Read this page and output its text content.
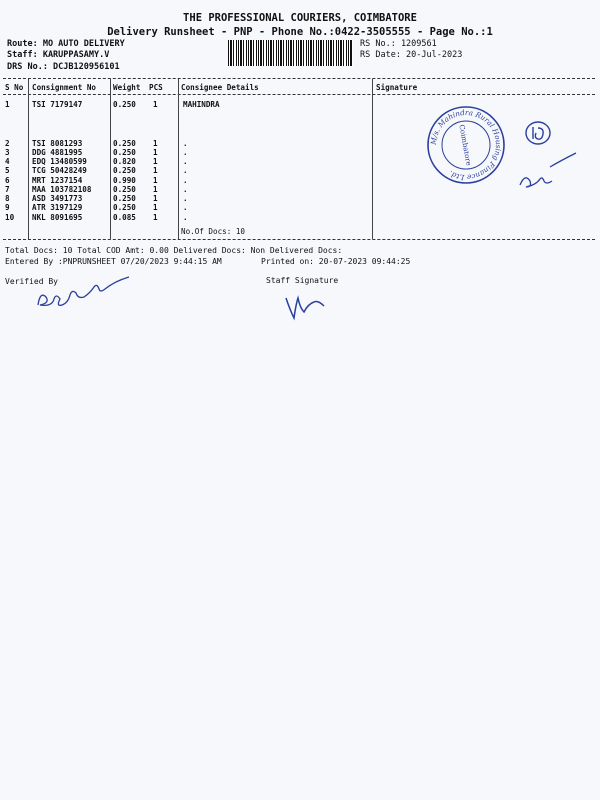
THE PROFESSIONAL COURIERS, COIMBATORE
Delivery Runsheet - PNP - Phone No.:0422-3505555 - Page No.:1
Route: MO AUTO DELIVERY
Staff: KARUPPASAMY.V
DRS No.: DCJB120956101
RS No.: 1209561
RS Date: 20-Jul-2023
S No Consignment No Weight PCS Consignee Details	Signature
1	TSI 7179147	0.250 1	MAHINDRA
2	TSI 8081293	0.250 1	.
3	DDG 4881995	0.250 1	.
4	EDQ 13480599	0.820 1	.
5	TCG 50428249	0.250 1	.
6	MRT 1237154	0.990 1	.
7	MAA 103782108	0.250 1	.
8	ASD 3491773	0.250 1	.
9	ATR 3197129	0.250 1	.
10 NKL 8091695	0.085 1	.
No.Of Docs: 10
M/s. Mahindra Rural Housing Finance Ltd.
Coimbatore
Total Docs: 10 Total COD Amt: 0.00 Delivered Docs: Non Delivered Docs:
Entered By :PNPRUNSHEET 07/20/2023 9:44:15 AM	Printed on: 20-07-2023 09:44:25
Verified By	Staff Signature
